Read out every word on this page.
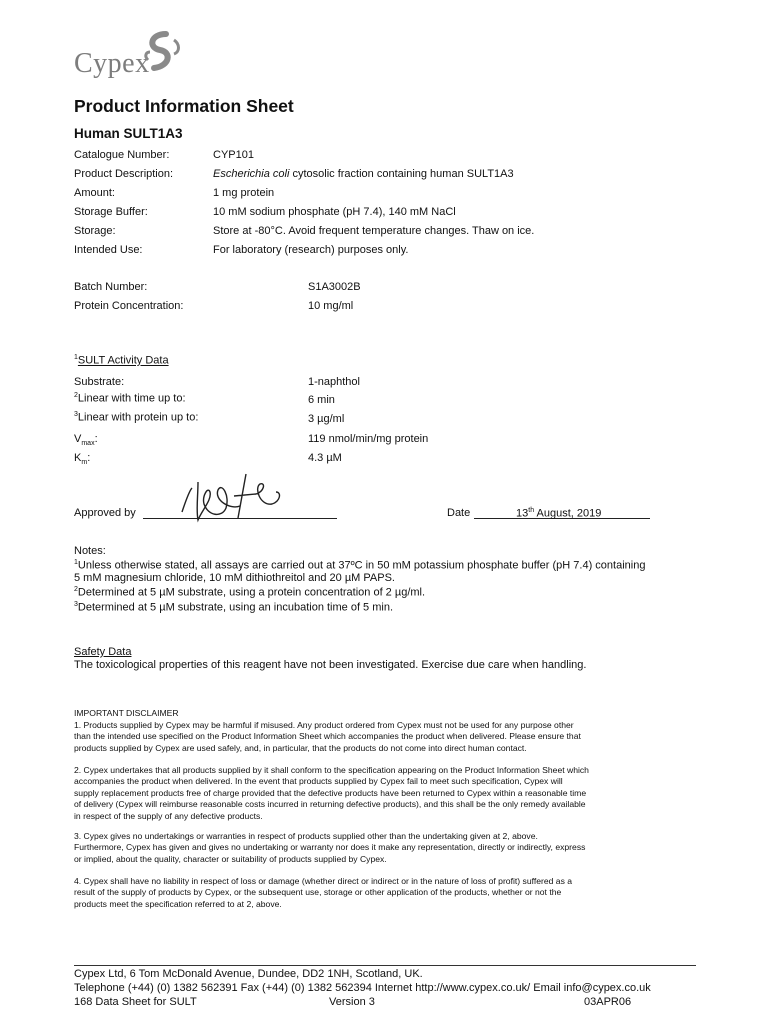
Cypex
Product Information Sheet
Human SULT1A3
Catalogue Number:	CYP101
Product Description:	Escherichia coli cytosolic fraction containing human SULT1A3
Amount:	1 mg protein
Storage Buffer:	10 mM sodium phosphate (pH 7.4), 140 mM NaCl
Storage:	Store at -80°C. Avoid frequent temperature changes. Thaw on ice.
Intended Use:	For laboratory (research) purposes only.
Batch Number:	S1A3002B
Protein Concentration:	10 mg/ml
$^1$SULT Activity Data
Substrate:	1-naphthol
$^2$Linear with time up to:	6 min
$^3$Linear with protein up to:	3 µg/ml
$V_{max}$:	119 nmol/min/mg protein
$K_m$:	4.3 µM
Approved by	Date	13th August, 2019
Notes:
$^1$Unless otherwise stated, all assays are carried out at 37ºC in 50 mM potassium phosphate buffer (pH 7.4) containing
5 mM magnesium chloride, 10 mM dithiothreitol and 20 µM PAPS.
$^2$Determined at 5 µM substrate, using a protein concentration of 2 µg/ml.
$^3$Determined at 5 µM substrate, using an incubation time of 5 min.
Safety Data
The toxicological properties of this reagent have not been investigated. Exercise due care when handling.
IMPORTANT DISCLAIMER
1. Products supplied by Cypex may be harmful if misused. Any product ordered from Cypex must not be used for any purpose other
than the intended use specified on the Product Information Sheet which accompanies the product when delivered. Please ensure that
products supplied by Cypex are used safely, and, in particular, that the products do not come into direct human contact.
2. Cypex undertakes that all products supplied by it shall conform to the specification appearing on the Product Information Sheet which
accompanies the product when delivered. In the event that products supplied by Cypex fail to meet such specification, Cypex will
supply replacement products free of charge provided that the defective products have been returned to Cypex within a reasonable time
of delivery (Cypex will reimburse reasonable costs incurred in returning defective products), and this shall be the only remedy available
in respect of the supply of any defective products.
3. Cypex gives no undertakings or warranties in respect of products supplied other than the undertaking given at 2, above.
Furthermore, Cypex has given and gives no undertaking or warranty nor does it make any representation, directly or indirectly, express
or implied, about the quality, character or suitability of products supplied by Cypex.
4. Cypex shall have no liability in respect of loss or damage (whether direct or indirect or in the nature of loss of profit) suffered as a
result of the supply of products by Cypex, or the subsequent use, storage or other application of the products, whether or not the
products meet the specification referred to at 2, above.
Cypex Ltd, 6 Tom McDonald Avenue, Dundee, DD2 1NH, Scotland, UK.
Telephone (+44) (0) 1382 562391 Fax (+44) (0) 1382 562394 Internet http://www.cypex.co.uk/ Email info@cypex.co.uk
168 Data Sheet for SULT	Version 3	03APR06
